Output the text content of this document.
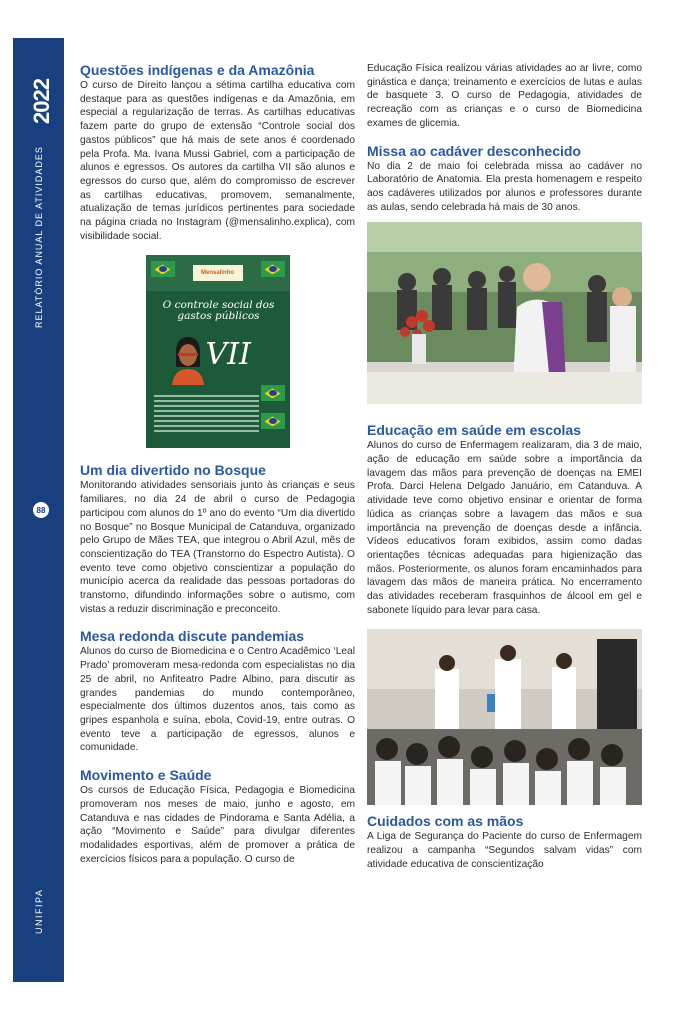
2022
RELATÓRIO ANUAL DE ATIVIDADES
88
UNIFIPA
Questões indígenas e da Amazônia

O curso de Direito lançou a sétima cartilha educativa com destaque para as questões indígenas e da Amazônia, em especial a regularização de terras. As cartilhas educativas fazem parte do grupo de extensão “Controle social dos gastos públicos” que há mais de sete anos é coordenado pela Profa. Ma. Ivana Mussi Gabriel, com a participação de alunos e egressos. Os autores da cartilha VII são alunos e egressos do curso que, além do compromisso de escrever as cartilhas educativas, promovem, semanalmente, atualização de temas jurídicos pertinentes para sociedade na página criada no Instagram (@mensalinho.explica), com visibilidade social.

Mensalinho
O controle social dos gastos públicos
VII
Um dia divertido no Bosque

Monitorando atividades sensoriais junto às crianças e seus familiares, no dia 24 de abril o curso de Pedagogia participou com alunos do 1º ano do evento “Um dia divertido no Bosque” no Bosque Municipal de Catanduva, organizado pelo Grupo de Mães TEA, que integrou o Abril Azul, mês de conscientização do TEA (Transtorno do Espectro Autista). O evento teve como objetivo conscientizar a população do município acerca da realidade das pessoas portadoras do transtorno, difundindo informações sobre o autismo, com vistas a reduzir discriminação e preconceito.

Mesa redonda discute pandemias

Alunos do curso de Biomedicina e o Centro Acadêmico ‘Leal Prado’ promoveram mesa-redonda com especialistas no dia 25 de abril, no Anfiteatro Padre Albino, para discutir as grandes pandemias do mundo contemporâneo, especialmente dos últimos duzentos anos, tais como as gripes espanhola e suína, ebola, Covid-19, entre outras. O evento teve a participação de egressos, alunos e comunidade.

Movimento e Saúde

Os cursos de Educação Física, Pedagogia e Biomedicina promoveram nos meses de maio, junho e agosto, em Catanduva e nas cidades de Pindorama e Santa Adélia, a ação “Movimento e Saúde” para divulgar diferentes modalidades esportivas, além de promover a prática de exercícios físicos para a população. O curso de

Educação Física realizou várias atividades ao ar livre, como ginástica e dança; treinamento e exercícios de lutas e aulas de basquete 3. O curso de Pedagogia, atividades de recreação com as crianças e o curso de Biomedicina exames de glicemia.

Missa ao cadáver desconhecido

No dia 2 de maio foi celebrada missa ao cadáver no Laboratório de Anatomia. Ela presta homenagem e respeito aos cadáveres utilizados por alunos e professores durante as aulas, sendo celebrada há mais de 30 anos.

Educação em saúde em escolas

Alunos do curso de Enfermagem realizaram, dia 3 de maio, ação de educação em saúde sobre a importância da lavagem das mãos para prevenção de doenças na EMEI Profa. Darci Helena Delgado Januário, em Catanduva. A atividade teve como objetivo ensinar e orientar de forma lúdica as crianças sobre a lavagem das mãos e sua importância na prevenção de doenças desde a infância. Vídeos educativos foram exibidos, assim como dadas orientações técnicas adequadas para higienização das mãos. Posteriormente, os alunos foram encaminhados para lavagem das mãos de maneira prática. No encerramento das atividades receberam frasquinhos de álcool em gel e sabonete líquido para levar para casa.

Cuidados com as mãos

A Liga de Segurança do Paciente do curso de Enfermagem realizou a campanha “Segundos salvam vidas” com atividade educativa de conscientização
